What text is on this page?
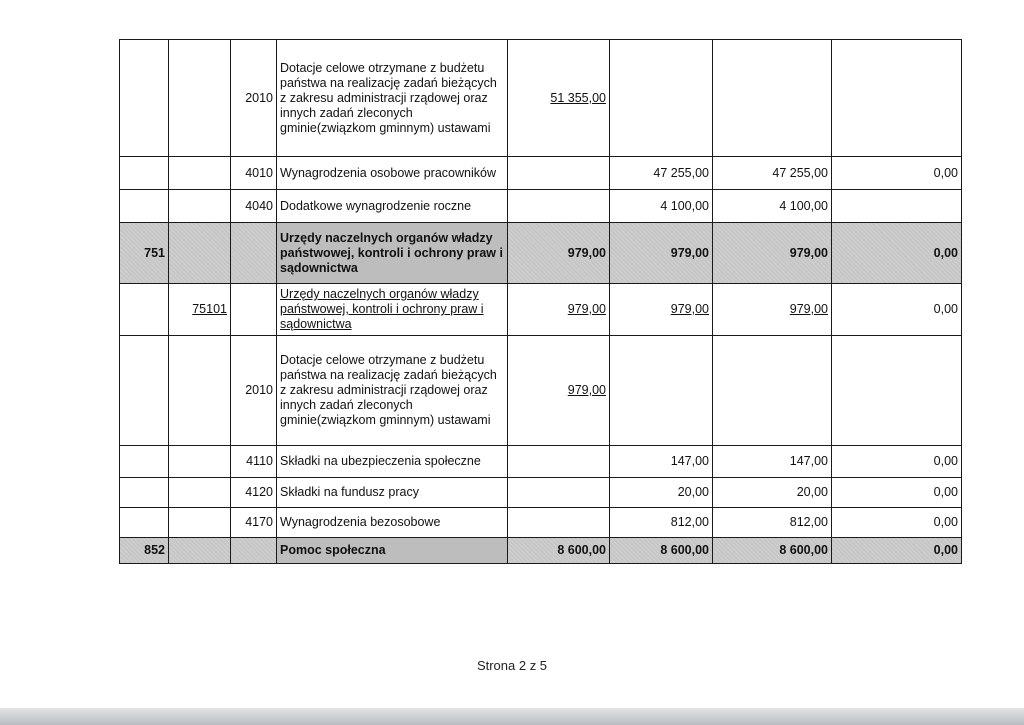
		2010	Dotacje celowe otrzymane z budżetu państwa na realizację zadań bieżących z zakresu administracji rządowej oraz innych zadań zleconych gminie(związkom gminnym) ustawami	51 355,00			
		4010	Wynagrodzenia osobowe pracowników		47 255,00	47 255,00	0,00
		4040	Dodatkowe wynagrodzenie roczne		4 100,00	4 100,00	
751			Urzędy naczelnych organów władzy państwowej, kontroli i ochrony praw i sądownictwa	979,00	979,00	979,00	0,00
	75101		Urzędy naczelnych organów władzy państwowej, kontroli i ochrony praw i sądownictwa	979,00	979,00	979,00	0,00
		2010	Dotacje celowe otrzymane z budżetu państwa na realizację zadań bieżących z zakresu administracji rządowej oraz innych zadań zleconych gminie(związkom gminnym) ustawami	979,00			
		4110	Składki na ubezpieczenia społeczne		147,00	147,00	0,00
		4120	Składki na fundusz pracy		20,00	20,00	0,00
		4170	Wynagrodzenia bezosobowe		812,00	812,00	0,00
852			Pomoc społeczna	8 600,00	8 600,00	8 600,00	0,00
Strona 2 z 5
